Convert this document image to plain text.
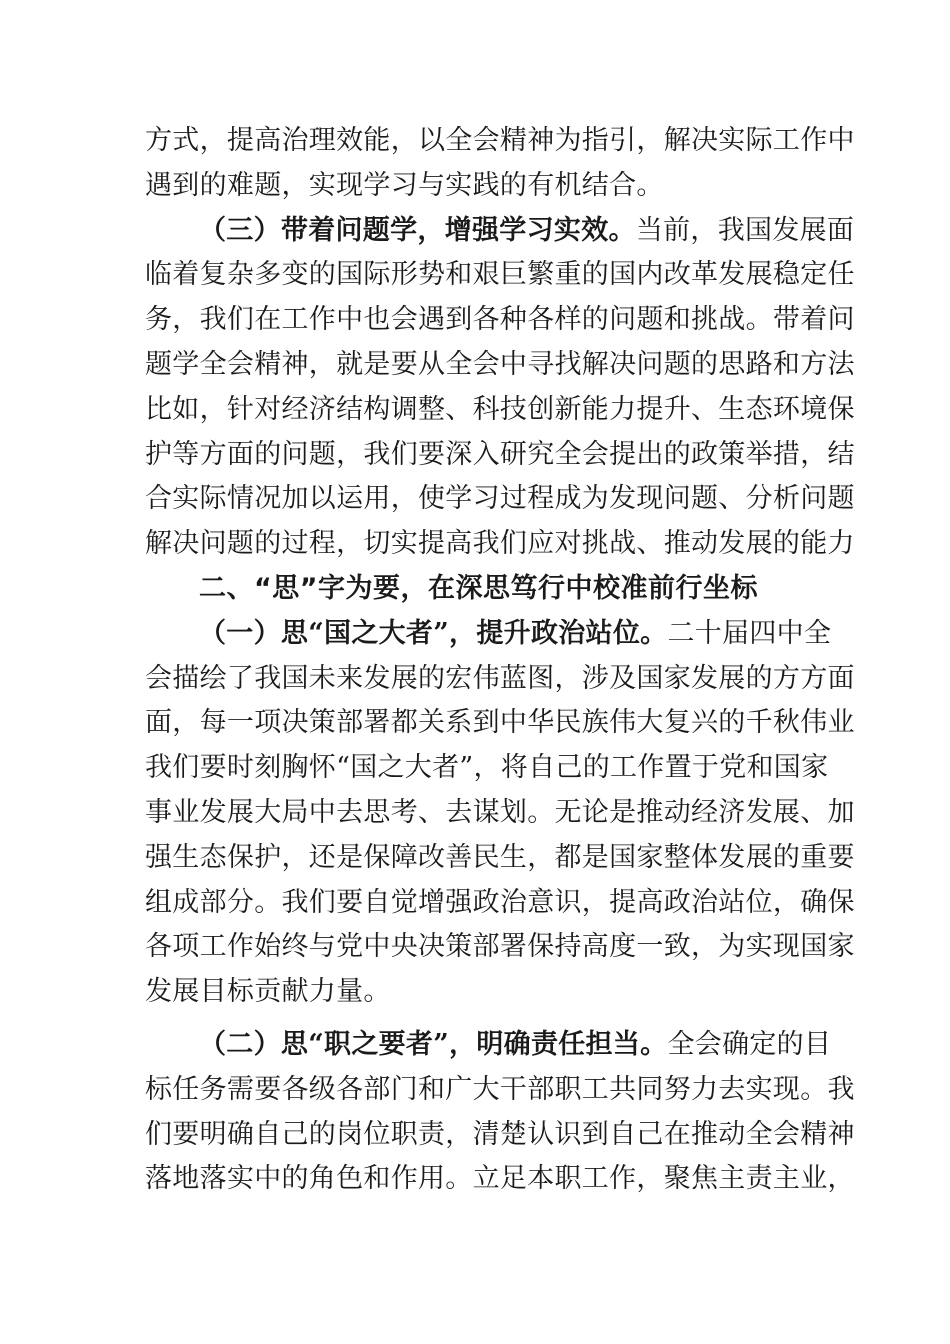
方式，提高治理效能，以全会精神为指引，解决实际工作中
遇到的难题，实现学习与实践的有机结合。
（三）带着问题学，增强学习实效。当前，我国发展面
临着复杂多变的国际形势和艰巨繁重的国内改革发展稳定任
务，我们在工作中也会遇到各种各样的问题和挑战。带着问
题学全会精神，就是要从全会中寻找解决问题的思路和方法
比如，针对经济结构调整、科技创新能力提升、生态环境保
护等方面的问题，我们要深入研究全会提出的政策举措，结
合实际情况加以运用，使学习过程成为发现问题、分析问题
解决问题的过程，切实提高我们应对挑战、推动发展的能力
二、“思”字为要，在深思笃行中校准前行坐标
（一）思“国之大者”，提升政治站位。二十届四中全
会描绘了我国未来发展的宏伟蓝图，涉及国家发展的方方面
面，每一项决策部署都关系到中华民族伟大复兴的千秋伟业
我们要时刻胸怀“国之大者”，将自己的工作置于党和国家
事业发展大局中去思考、去谋划。无论是推动经济发展、加
强生态保护，还是保障改善民生，都是国家整体发展的重要
组成部分。我们要自觉增强政治意识，提高政治站位，确保
各项工作始终与党中央决策部署保持高度一致，为实现国家
发展目标贡献力量。
（二）思“职之要者”，明确责任担当。全会确定的目
标任务需要各级各部门和广大干部职工共同努力去实现。我
们要明确自己的岗位职责，清楚认识到自己在推动全会精神
落地落实中的角色和作用。立足本职工作，聚焦主责主业，
